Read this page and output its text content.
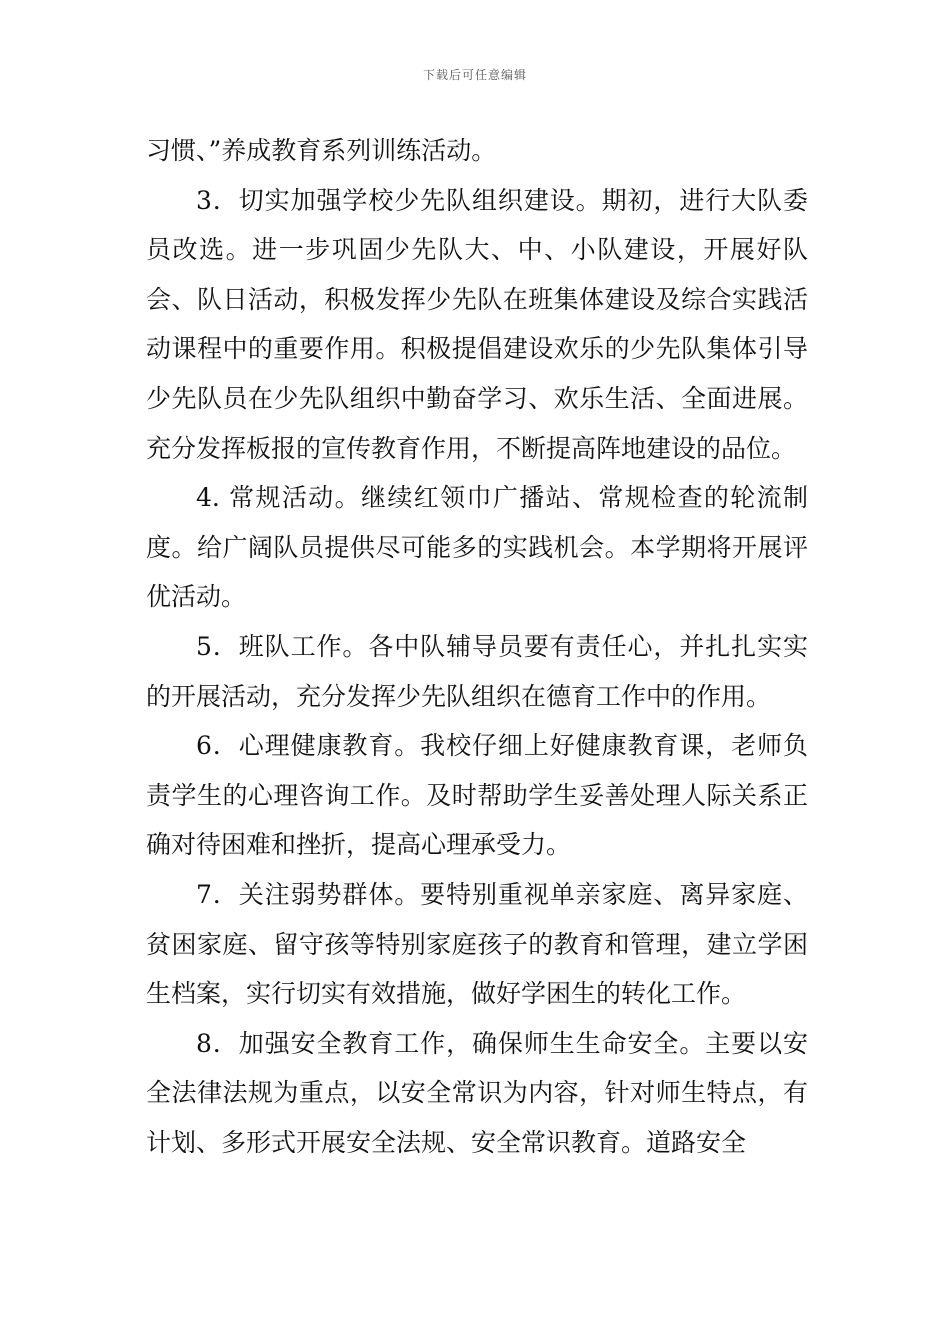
下载后可任意编辑

习惯、”养成教育系列训练活动。

3．切实加强学校少先队组织建设。期初，进行大队委员改选。进一步巩固少先队大、中、小队建设，开展好队会、队日活动，积极发挥少先队在班集体建设及综合实践活动课程中的重要作用。积极提倡建设欢乐的少先队集体引导少先队员在少先队组织中勤奋学习、欢乐生活、全面进展。充分发挥板报的宣传教育作用，不断提高阵地建设的品位。

4. 常规活动。继续红领巾广播站、常规检查的轮流制度。给广阔队员提供尽可能多的实践机会。本学期将开展评优活动。

5．班队工作。各中队辅导员要有责任心，并扎扎实实的开展活动，充分发挥少先队组织在德育工作中的作用。

6．心理健康教育。我校仔细上好健康教育课，老师负责学生的心理咨询工作。及时帮助学生妥善处理人际关系正确对待困难和挫折，提高心理承受力。

7．关注弱势群体。要特别重视单亲家庭、离异家庭、贫困家庭、留守孩等特别家庭孩子的教育和管理，建立学困生档案，实行切实有效措施，做好学困生的转化工作。

8．加强安全教育工作，确保师生生命安全。主要以安全法律法规为重点，以安全常识为内容，针对师生特点，有计划、多形式开展安全法规、安全常识教育。道路安全
